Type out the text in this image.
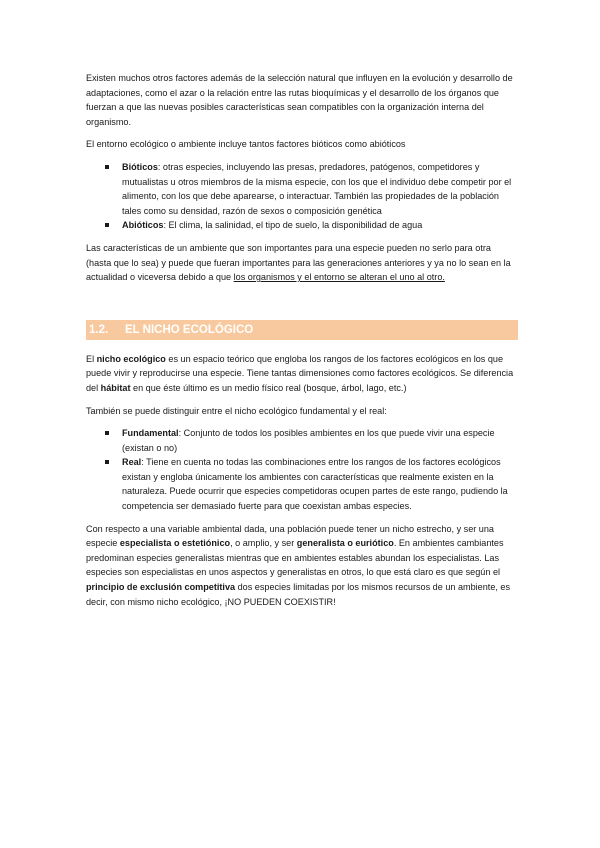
Existen muchos otros factores además de la selección natural que influyen en la evolución y desarrollo de adaptaciones, como el azar o la relación entre las rutas bioquímicas y el desarrollo de los órganos que fuerzan a que las nuevas posibles características sean compatibles con la organización interna del organismo.

El entorno ecológico o ambiente incluye tantos factores bióticos como abióticos

Bióticos: otras especies, incluyendo las presas, predadores, patógenos, competidores y mutualistas u otros miembros de la misma especie, con los que el individuo debe competir por el alimento, con los que debe aparearse, o interactuar. También las propiedades de la población tales como su densidad, razón de sexos o composición genética
Abióticos: El clima, la salinidad, el tipo de suelo, la disponibilidad de agua

Las características de un ambiente que son importantes para una especie pueden no serlo para otra (hasta que lo sea) y puede que fueran importantes para las generaciones anteriores y ya no lo sean en la actualidad o viceversa debido a que los organismos y el entorno se alteran el uno al otro.

1.2. EL NICHO ECOLÓGICO

El nicho ecológico es un espacio teórico que engloba los rangos de los factores ecológicos en los que puede vivir y reproducirse una especie. Tiene tantas dimensiones como factores ecológicos. Se diferencia del hábitat en que éste último es un medio físico real (bosque, árbol, lago, etc.)

También se puede distinguir entre el nicho ecológico fundamental y el real:

Fundamental: Conjunto de todos los posibles ambientes en los que puede vivir una especie (existan o no)
Real: Tiene en cuenta no todas las combinaciones entre los rangos de los factores ecológicos existan y engloba únicamente los ambientes con características que realmente existen en la naturaleza. Puede ocurrir que especies competidoras ocupen partes de este rango, pudiendo la competencia ser demasiado fuerte para que coexistan ambas especies.

Con respecto a una variable ambiental dada, una población puede tener un nicho estrecho, y ser una especie especialista o estetiónico, o amplio, y ser generalista o euriótico. En ambientes cambiantes predominan especies generalistas mientras que en ambientes estables abundan los especialistas. Las especies son especialistas en unos aspectos y generalistas en otros, lo que está claro es que según el principio de exclusión competitiva dos especies limitadas por los mismos recursos de un ambiente, es decir, con mismo nicho ecológico, ¡NO PUEDEN COEXISTIR!
